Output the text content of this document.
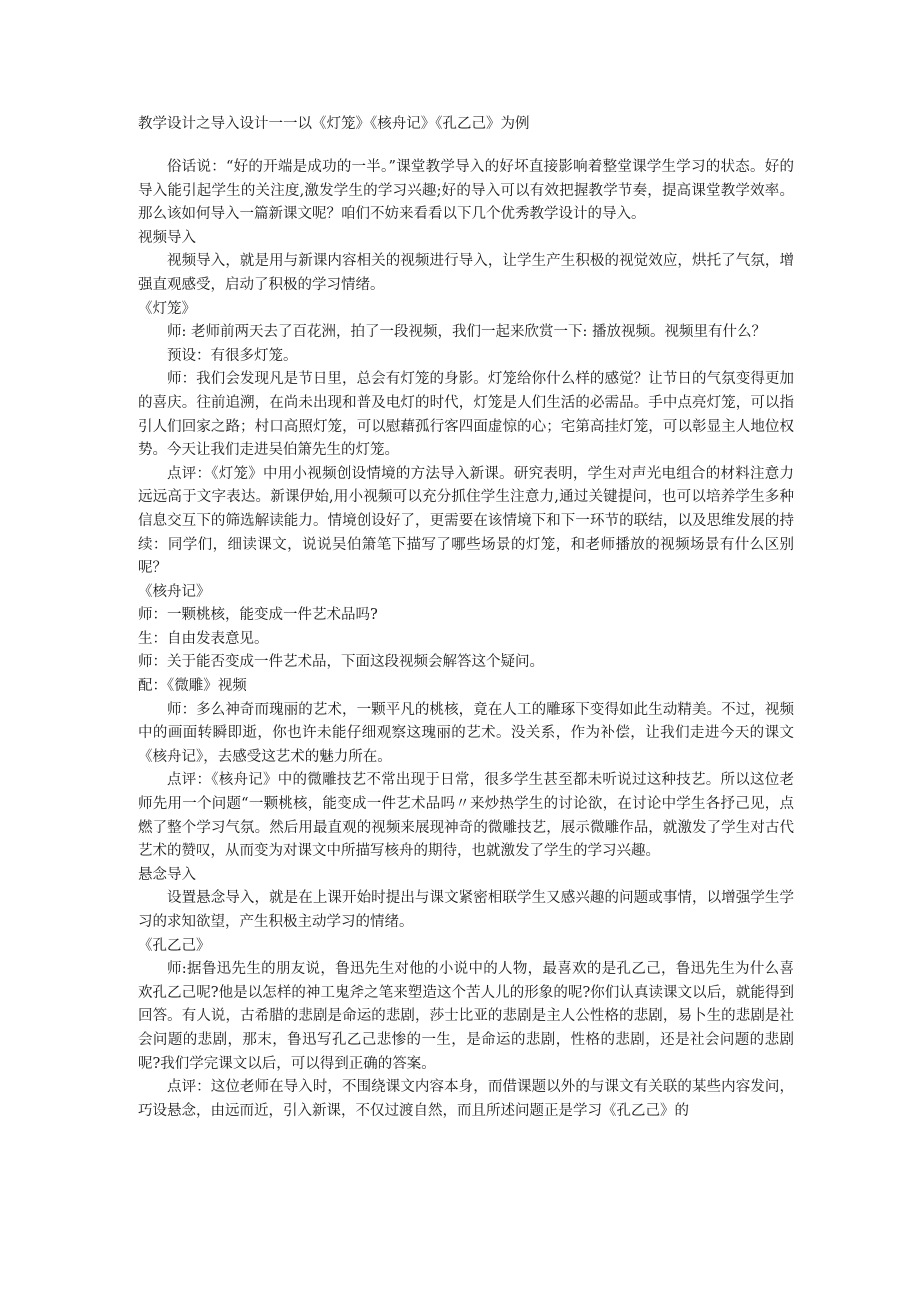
教学设计之导入设计一一以《灯笼》《核舟记》《孔乙己》为例

俗话说：“好的开端是成功的一半。”课堂教学导入的好坏直接影响着整堂课学生学习的状态。好的导入能引起学生的关注度,激发学生的学习兴趣;好的导入可以有效把握教学节奏，提高课堂教学效率。那么该如何导入一篇新课文呢？咱们不妨来看看以下几个优秀教学设计的导入。

视频导入

视频导入，就是用与新课内容相关的视频进行导入，让学生产生积极的视觉效应，烘托了气氛，增强直观感受，启动了积极的学习情绪。

《灯笼》

师: 老师前两天去了百花洲，拍了一段视频，我们一起来欣赏一下: 播放视频。视频里有什么？

预设：有很多灯笼。

师：我们会发现凡是节日里，总会有灯笼的身影。灯笼给你什么样的感觉？让节日的气氛变得更加的喜庆。往前追溯，在尚未出现和普及电灯的时代，灯笼是人们生活的必需品。手中点亮灯笼，可以指引人们回家之路；村口高照灯笼，可以慰藉孤行客四面虚惊的心；宅第高挂灯笼，可以彰显主人地位权势。今天让我们走进吴伯箫先生的灯笼。

点评：《灯笼》中用小视频创设情境的方法导入新课。研究表明，学生对声光电组合的材料注意力远远高于文字表达。新课伊始,用小视频可以充分抓住学生注意力,通过关键提问，也可以培养学生多种信息交互下的筛选解读能力。情境创设好了，更需要在该情境下和下一环节的联结，以及思维发展的持续：同学们，细读课文，说说吴伯箫笔下描写了哪些场景的灯笼，和老师播放的视频场景有什么区别呢？

《核舟记》

师：一颗桃核，能变成一件艺术品吗?

生：自由发表意见。

师：关于能否变成一件艺术品，下面这段视频会解答这个疑问。

配：《微雕》视频

师：多么神奇而瑰丽的艺术，一颗平凡的桃核，竟在人工的雕琢下变得如此生动精美。不过，视频中的画面转瞬即逝，你也许未能仔细观察这瑰丽的艺术。没关系，作为补偿，让我们走进今天的课文《核舟记》，去感受这艺术的魅力所在。

点评：《核舟记》中的微雕技艺不常出现于日常，很多学生甚至都未听说过这种技艺。所以这位老师先用一个问题“一颗桃核，能变成一件艺术品吗〃来炒热学生的讨论欲，在讨论中学生各抒己见，点燃了整个学习气氛。然后用最直观的视频来展现神奇的微雕技艺，展示微雕作品，就激发了学生对古代艺术的赞叹，从而变为对课文中所描写核舟的期待，也就激发了学生的学习兴趣。

悬念导入

设置悬念导入，就是在上课开始时提出与课文紧密相联学生又感兴趣的问题或事情，以增强学生学习的求知欲望，产生积极主动学习的情绪。

《孔乙己》

师:据鲁迅先生的朋友说，鲁迅先生对他的小说中的人物，最喜欢的是孔乙己，鲁迅先生为什么喜欢孔乙己呢?他是以怎样的神工鬼斧之笔来塑造这个苦人儿的形象的呢?你们认真读课文以后，就能得到回答。有人说，古希腊的悲剧是命运的悲剧，莎士比亚的悲剧是主人公性格的悲剧，易卜生的悲剧是社会问题的悲剧，那末，鲁迅写孔乙己悲惨的一生，是命运的悲剧，性格的悲剧，还是社会问题的悲剧呢?我们学完课文以后，可以得到正确的答案。

点评：这位老师在导入时，不围绕课文内容本身，而借课题以外的与课文有关联的某些内容发问，巧设悬念，由远而近，引入新课，不仅过渡自然，而且所述问题正是学习《孔乙己》的
